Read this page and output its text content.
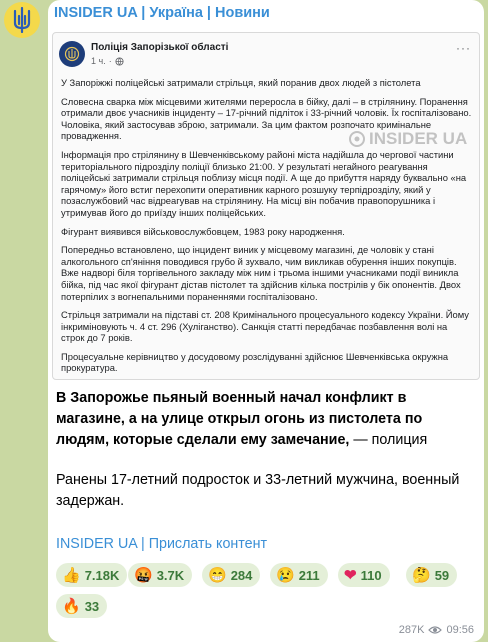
INSIDER UA | Україна | Новини
Поліція Запорізької області
1 ч. ·
···

У Запоріжжі поліцейські затримали стрільця, який поранив двох людей з пістолета

Словесна сварка між місцевими жителями переросла в бійку, далі – в стрілянину. Поранення отримали двоє учасників інциденту – 17-річний підліток і 33-річний чоловік. Їх госпіталізовано. Чоловіка, який застосував зброю, затримали. За цим фактом розпочато кримінальне провадження.

Інформація про стрілянину в Шевченківському районі міста надійшла до чергової частини територіального підрозділу поліції близько 21:00. У результаті негайного реагування поліцейські затримали стрільця поблизу місця події. А ще до прибуття наряду буквально «на гарячому» його встиг перехопити оперативник карного розшуку терпідрозділу, який у позаслужбовий час відреагував на стрілянину. На місці він побачив правопорушника і утримував його до приїзду інших поліцейських.

Фігурант виявився військовослужбовцем, 1983 року народження.

Попередньо встановлено, що інцидент виник у місцевому магазині, де чоловік у стані алкогольного сп'яніння поводився грубо й зухвало, чим викликав обурення інших покупців. Вже надворі біля торгівельного закладу між ним і трьома іншими учасниками події виникла бійка, під час якої фігурант дістав пістолет та здійснив кілька пострілів у бік опонентів. Двох потерпілих з вогнепальними пораненнями госпіталізовано.

Стрільця затримали на підставі ст. 208 Кримінального процесуального кодексу України. Йому інкриміновують ч. 4 ст. 296 (Хуліганство). Санкція статті передбачає позбавлення волі на строк до 7 років.

Процесуальне керівництво у досудовому розслідуванні здійснює Шевченківська окружна прокуратура.

INSIDER UA
В Запорожье пьяный военный начал конфликт в магазине, а на улице открыл огонь из пистолета по людям, которые сделали ему замечание, — полиция
Ранены 17-летний подросток и 33-летний мужчина, военный задержан.
INSIDER UA | Прислать контент
👍 7.18K 🤬 3.7K 😁 284 😢 211 ❤ 110 🤔 59
🔥 33
287K 09:56
